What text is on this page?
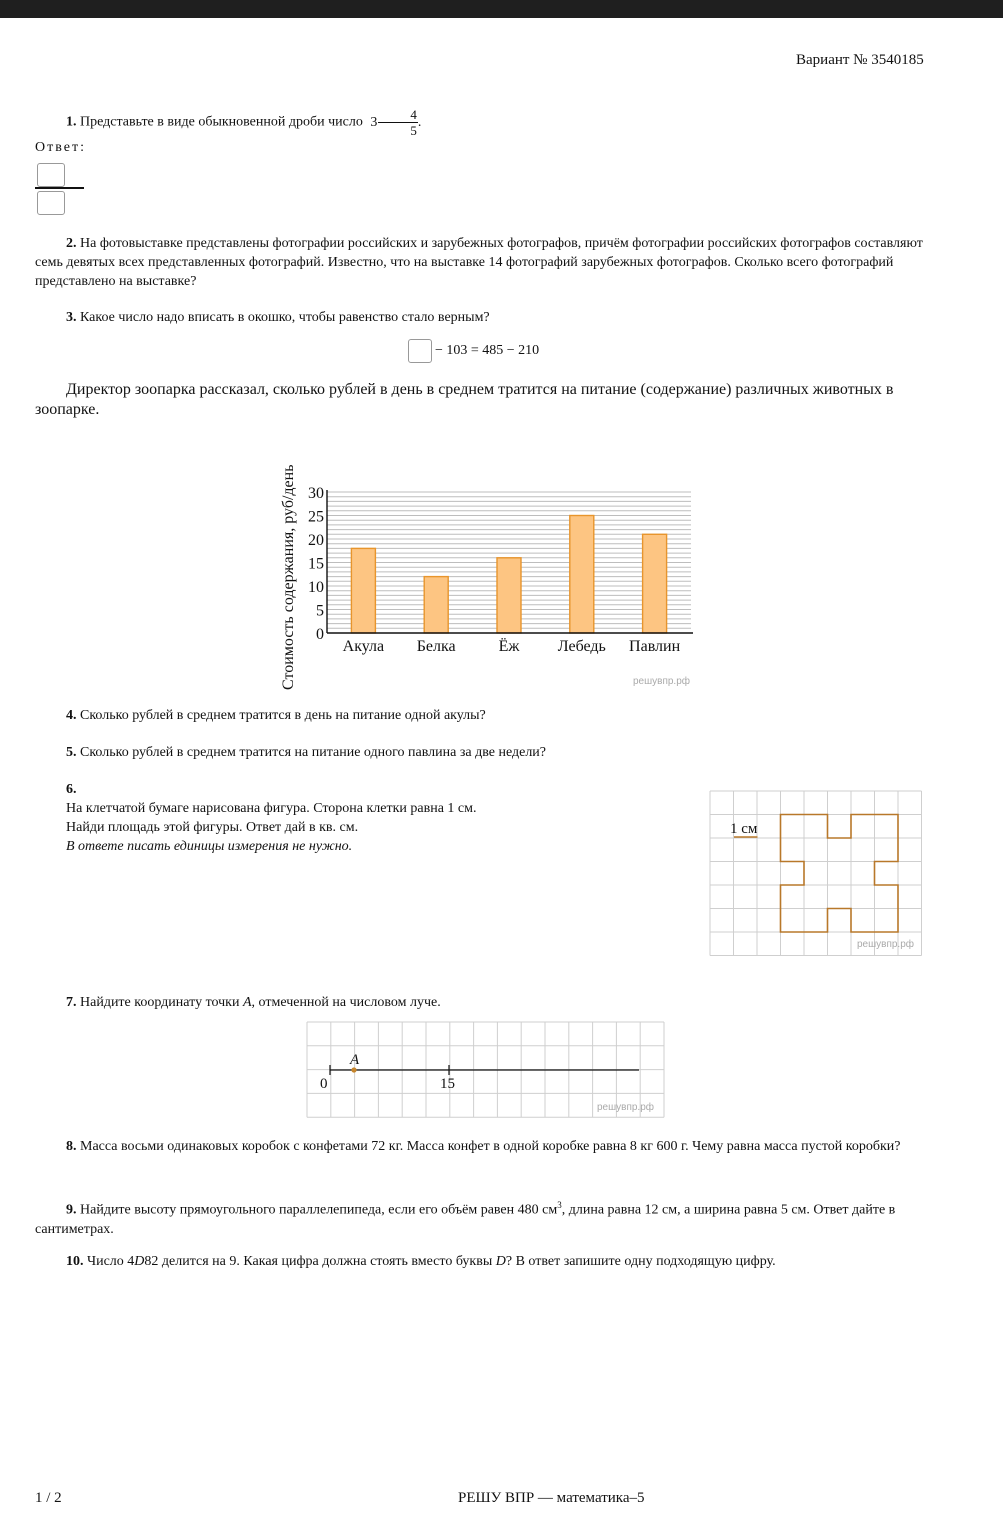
Вариант № 3540185
1. Представьте в виде обыкновенной дроби число $3 \frac{4}{5}$ .
Ответ:
2. На фотовыставке представлены фотографии российских и зарубежных фотографов, причём фотографии российских фотографов составляют семь девятых всех представленных фотографий. Известно, что на выставке 14 фотографий зарубежных фотографов. Сколько всего фотографий представлено на выставке?
3. Какое число надо вписать в окошко, чтобы равенство стало верным?
− 103 = 485 − 210
Директор зоопарка рассказал, сколько рублей в день в среднем тратится на питание (содержание) различных животных в зоопарке.
0
5
10
15
20
25
30
Акула Белка	Ёж Лебедь Павлин
Стоимость содержания, руб/день	решувпр.рф
4. Сколько рублей в среднем тратится в день на питание одной акулы?
5. Сколько рублей в среднем тратится на питание одного павлина за две недели?
6.
На клетчатой бумаге нарисована фигура. Сторона клетки равна 1 см.
Найди площадь этой фигуры. Ответ дай в кв. см.
В ответе писать единицы измерения не нужно.
1 см
решувпр.рф
7. Найдите координату точки A, отмеченной на числовом луче.
A
0	15
решувпр.рф
8. Масса восьми одинаковых коробок с конфетами 72 кг. Масса конфет в одной коробке равна 8 кг 600 г. Чему равна масса пустой коробки?
9. Найдите высоту прямоугольного параллелепипеда, если его объём равен 480 $см^3$, длина равна 12 см, а ширина равна 5 см. Ответ дайте в сантиметрах.
10. Число 4D82 делится на 9. Какая цифра должна стоять вместо буквы D? В ответ запишите одну подходящую цифру.
1 / 2	РЕШУ ВПР — математика–5
